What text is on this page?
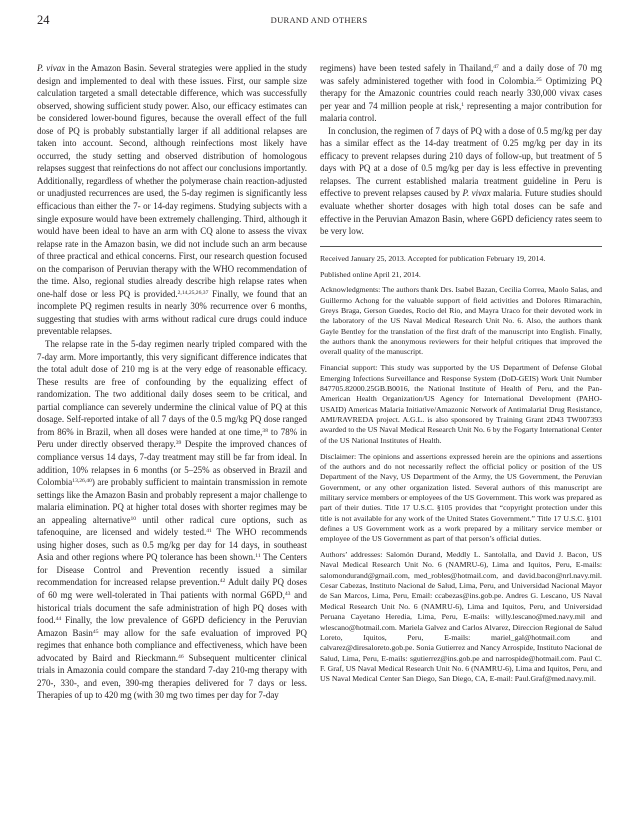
24	DURAND AND OTHERS

P. vivax in the Amazon Basin. Several strategies were applied in the study design and implemented to deal with these issues. First, our sample size calculation targeted a small detectable difference, which was successfully observed, showing sufficient study power. Also, our efficacy estimates can be considered lower-bound figures, because the overall effect of the full dose of PQ is probably substantially larger if all additional relapses are taken into account. Second, although reinfections most likely have occurred, the study setting and observed distribution of homologous relapses suggest that reinfections do not affect our conclusions importantly. Additionally, regardless of whether the polymerase chain reaction-adjusted or unadjusted recurrences are used, the 5-day regimen is significantly less efficacious than either the 7- or 14-day regimens. Studying subjects with a single exposure would have been extremely challenging. Third, although it would have been ideal to have an arm with CQ alone to assess the vivax relapse rate in the Amazon basin, we did not include such an arm because of three practical and ethical concerns. First, our research question focused on the comparison of Peruvian therapy with the WHO recommendation of the time. Also, regional studies already describe high relapse rates when one-half dose or less PQ is provided.$^{2,14,25,26,37}$ Finally, we found that an incomplete PQ regimen results in nearly 30% recurrence over 6 months, suggesting that studies with arms without radical cure drugs could induce preventable relapses.

The relapse rate in the 5-day regimen nearly tripled compared with the 7-day arm. More importantly, this very significant difference indicates that the total adult dose of 210 mg is at the very edge of reasonable efficacy. These results are free of confounding by the equalizing effect of randomization. The two additional daily doses seem to be critical, and partial compliance can severely undermine the clinical value of PQ at this dosage. Self-reported intake of all 7 days of the 0.5 mg/kg PQ dose ranged from 86% in Brazil, when all doses were handed at one time,$^{38}$ to 78% in Peru under directly observed therapy.$^{39}$ Despite the improved chances of compliance versus 14 days, 7-day treatment may still be far from ideal. In addition, 10% relapses in 6 months (or 5–25% as observed in Brazil and Colombia$^{13,26,40}$) are probably sufficient to maintain transmission in remote settings like the Amazon Basin and probably represent a major challenge to malaria elimination. PQ at higher total doses with shorter regimes may be an appealing alternative$^{10}$ until other radical cure options, such as tafenoquine, are licensed and widely tested.$^{41}$ The WHO recommends using higher doses, such as 0.5 mg/kg per day for 14 days, in southeast Asia and other regions where PQ tolerance has been shown.$^{11}$ The Centers for Disease Control and Prevention recently issued a similar recommendation for increased relapse prevention.$^{42}$ Adult daily PQ doses of 60 mg were well-tolerated in Thai patients with normal G6PD,$^{43}$ and historical trials document the safe administration of high PQ doses with food.$^{44}$ Finally, the low prevalence of G6PD deficiency in the Peruvian Amazon Basin$^{45}$ may allow for the safe evaluation of improved PQ regimes that enhance both compliance and effectiveness, which have been advocated by Baird and Rieckmann.$^{46}$ Subsequent multicenter clinical trials in Amazonia could compare the standard 7-day 210-mg therapy with 270-, 330-, and even, 390-mg therapies delivered for 7 days or less. Therapies of up to 420 mg (with 30 mg two times per day for 7-day

regimens) have been tested safely in Thailand,$^{47}$ and a daily dose of 70 mg was safely administered together with food in Colombia.$^{25}$ Optimizing PQ therapy for the Amazonic countries could reach nearly 330,000 vivax cases per year and 74 million people at risk,$^1$ representing a major contribution for malaria control.

In conclusion, the regimen of 7 days of PQ with a dose of 0.5 mg/kg per day has a similar effect as the 14-day treatment of 0.25 mg/kg per day in its efficacy to prevent relapses during 210 days of follow-up, but treatment of 5 days with PQ at a dose of 0.5 mg/kg per day is less effective in preventing relapses. The current established malaria treatment guideline in Peru is effective to prevent relapses caused by P. vivax malaria. Future studies should evaluate whether shorter dosages with high total doses can be safe and effective in the Peruvian Amazon Basin, where G6PD deficiency rates seem to be very low.

Received January 25, 2013. Accepted for publication February 19, 2014.

Published online April 21, 2014.

Acknowledgments: The authors thank Drs. Isabel Bazan, Cecilia Correa, Maolo Salas, and Guillermo Achong for the valuable support of field activities and Dolores Rimarachin, Greys Braga, Gerson Guedes, Rocio del Rio, and Mayra Uraco for their devoted work in the laboratory of the US Naval Medical Research Unit No. 6. Also, the authors thank Gayle Bentley for the translation of the first draft of the manuscript into English. Finally, the authors thank the anonymous reviewers for their helpful critiques that improved the overall quality of the manuscript.

Financial support: This study was supported by the US Department of Defense Global Emerging Infections Surveillance and Response System (DoD-GEIS) Work Unit Number 847705.82000.25GB.B0016, the National Institute of Health of Peru, and the Pan-American Health Organization/US Agency for International Development (PAHO-USAID) Americas Malaria Initiative/Amazonic Network of Antimalarial Drug Resistance, AMI/RAVREDA project. A.G.L. is also sponsored by Training Grant 2D43 TW007393 awarded to the US Naval Medical Research Unit No. 6 by the Fogarty International Center of the US National Institutes of Health.

Disclaimer: The opinions and assertions expressed herein are the opinions and assertions of the authors and do not necessarily reflect the official policy or position of the US Department of the Navy, US Department of the Army, the US Government, the Peruvian Government, or any other organization listed. Several authors of this manuscript are military service members or employees of the US Government. This work was prepared as part of their duties. Title 17 U.S.C. §105 provides that “copyright protection under this title is not available for any work of the United States Government.” Title 17 U.S.C. §101 defines a US Government work as a work prepared by a military service member or employee of the US Government as part of that person’s official duties.

Authors’ addresses: Salomón Durand, Meddly L. Santolalla, and David J. Bacon, US Naval Medical Research Unit No. 6 (NAMRU-6), Lima and Iquitos, Peru, E-mails: salomondurand@gmail.com, med_robles@hotmail.com, and david.bacon@nrl.navy.mil. Cesar Cabezas, Instituto Nacional de Salud, Lima, Peru, and Universidad Nacional Mayor de San Marcos, Lima, Peru, Email: ccabezas@ins.gob.pe. Andres G. Lescano, US Naval Medical Research Unit No. 6 (NAMRU-6), Lima and Iquitos, Peru, and Universidad Peruana Cayetano Heredia, Lima, Peru, E-mails: willy.lescano@med.navy.mil and wlescano@hotmail.com. Mariela Galvez and Carlos Alvarez, Direccion Regional de Salud Loreto, Iquitos, Peru, E-mails: mariel_gal@hotmail.com and calvarez@diresaloreto.gob.pe. Sonia Gutierrez and Nancy Arrospide, Instituto Nacional de Salud, Lima, Peru, E-mails: sgutierrez@ins.gob.pe and narrospide@hotmail.com. Paul C. F. Graf, US Naval Medical Research Unit No. 6 (NAMRU-6), Lima and Iquitos, Peru, and US Naval Medical Center San Diego, San Diego, CA, E-mail: Paul.Graf@med.navy.mil.
